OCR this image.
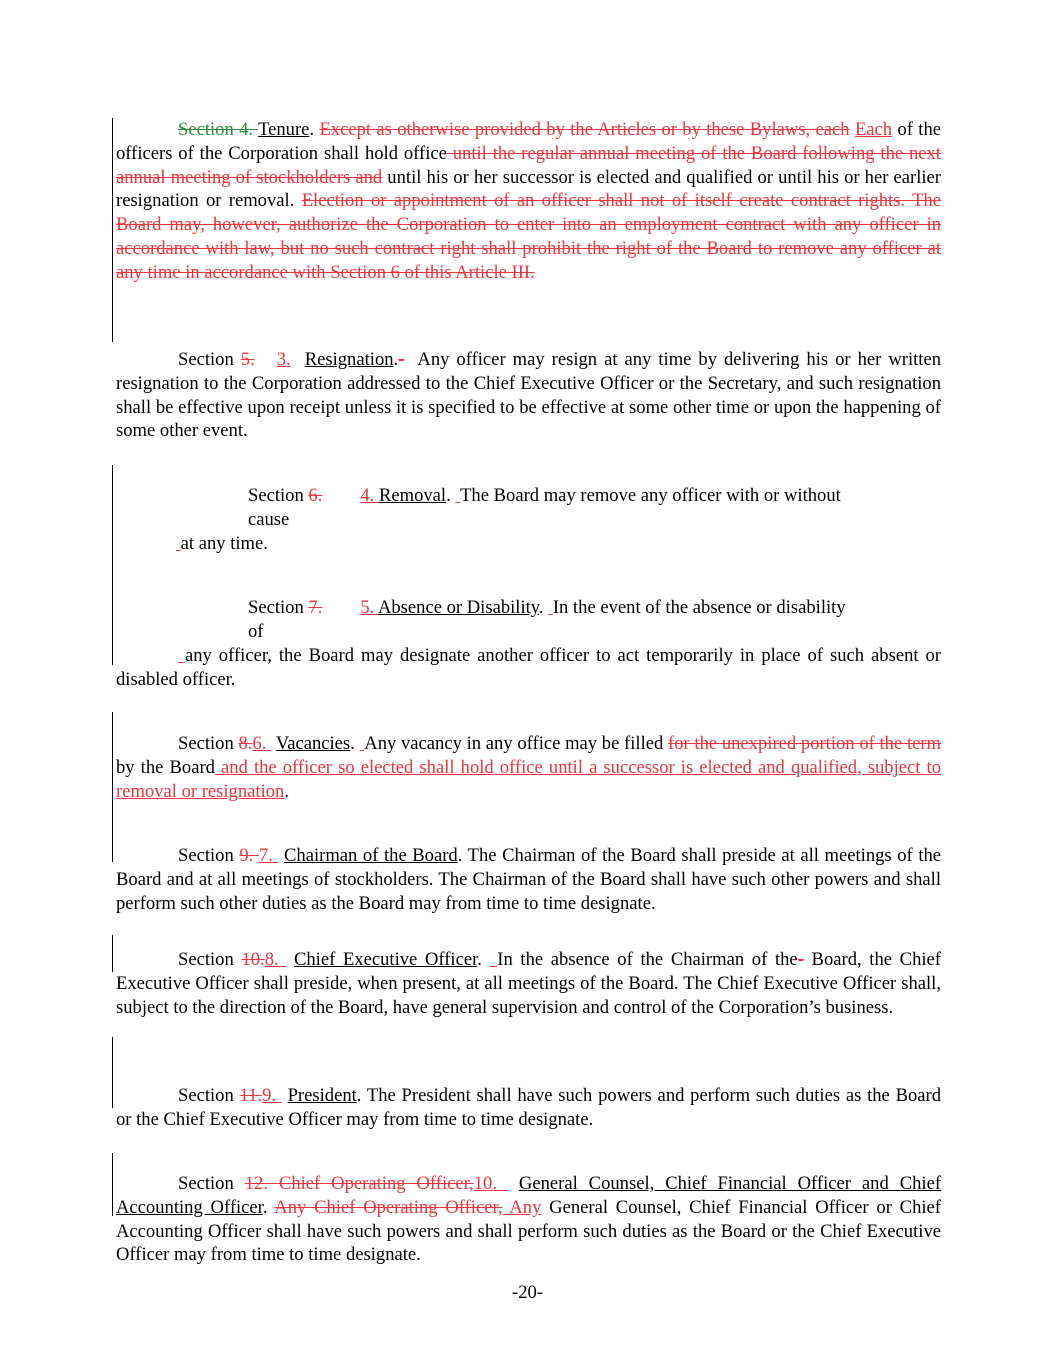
Section 4. Tenure. Except as otherwise provided by the Articles or by these Bylaws, each Each of the officers of the Corporation shall hold office until the regular annual meeting of the Board following the next annual meeting of stockholders and until his or her successor is elected and qualified or until his or her earlier resignation or removal. Election or appointment of an officer shall not of itself create contract rights. The Board may, however, authorize the Corporation to enter into an employment contract with any officer in accordance with law, but no such contract right shall prohibit the right of the Board to remove any officer at any time in accordance with Section 6 of this Article III.

Section 5. 3. Resignation.-  Any officer may resign at any time by delivering his or her written resignation to the Corporation addressed to the Chief Executive Officer or the Secretary, and such resignation shall be effective upon receipt unless it is specified to be effective at some other time or upon the happening of some other event.

Section 6. 4. Removal. The Board may remove any officer with or without
cause
at any time.
Section 7. 5. Absence or Disability. In the event of the absence or disability
of

any officer, the Board may designate another officer to act temporarily in place of such absent or disabled officer.

Section 8.6.  Vacancies.  Any vacancy in any office may be filled for the unexpired portion of the term by the Board and the officer so elected shall hold office until a successor is elected and qualified, subject to removal or resignation.

Section 9. 7.  Chairman of the Board. The Chairman of the Board shall preside at all meetings of the Board and at all meetings of stockholders. The Chairman of the Board shall have such other powers and shall perform such other duties as the Board may from time to time designate.

Section 10.8.  Chief Executive Officer.  In the absence of the Chairman of the- Board, the Chief Executive Officer shall preside, when present, at all meetings of the Board. The Chief Executive Officer shall, subject to the direction of the Board, have general supervision and control of the Corporation’s business.

Section 11.9.  President. The President shall have such powers and perform such duties as the Board or the Chief Executive Officer may from time to time designate.

Section 12. Chief Operating Officer,10.  General Counsel, Chief Financial Officer and Chief Accounting Officer. Any Chief Operating Officer, Any General Counsel, Chief Financial Officer or Chief Accounting Officer shall have such powers and shall perform such duties as the Board or the Chief Executive Officer may from time to time designate.

-20-
